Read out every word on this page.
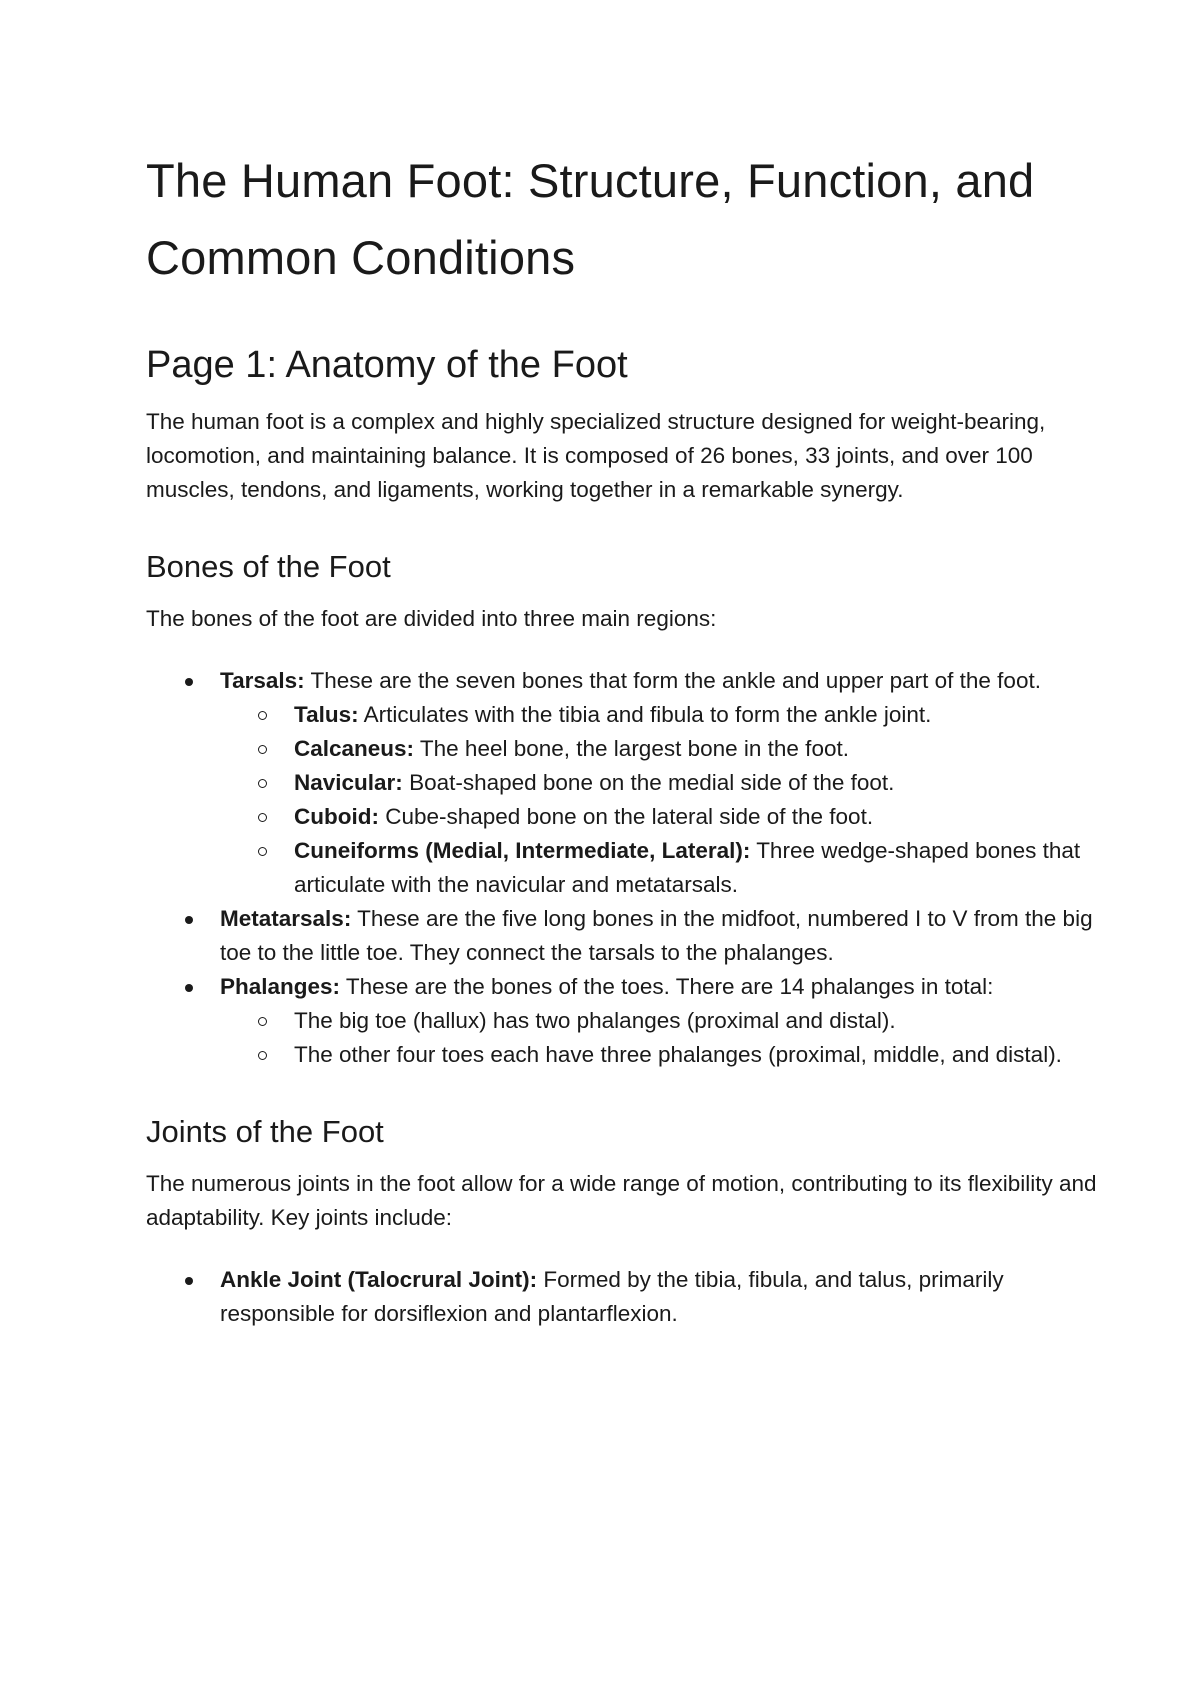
The Human Foot: Structure, Function, and Common Conditions
Page 1: Anatomy of the Foot

The human foot is a complex and highly specialized structure designed for weight-bearing, locomotion, and maintaining balance. It is composed of 26 bones, 33 joints, and over 100 muscles, tendons, and ligaments, working together in a remarkable synergy.

Bones of the Foot

The bones of the foot are divided into three main regions:

Tarsals: These are the seven bones that form the ankle and upper part of the foot.
Talus: Articulates with the tibia and fibula to form the ankle joint.
Calcaneus: The heel bone, the largest bone in the foot.
Navicular: Boat-shaped bone on the medial side of the foot.
Cuboid: Cube-shaped bone on the lateral side of the foot.
Cuneiforms (Medial, Intermediate, Lateral): Three wedge-shaped bones that articulate with the navicular and metatarsals.
Metatarsals: These are the five long bones in the midfoot, numbered I to V from the big toe to the little toe. They connect the tarsals to the phalanges.
Phalanges: These are the bones of the toes. There are 14 phalanges in total:
The big toe (hallux) has two phalanges (proximal and distal).
The other four toes each have three phalanges (proximal, middle, and distal).
Joints of the Foot

The numerous joints in the foot allow for a wide range of motion, contributing to its flexibility and adaptability. Key joints include:

Ankle Joint (Talocrural Joint): Formed by the tibia, fibula, and talus, primarily responsible for dorsiflexion and plantarflexion.
